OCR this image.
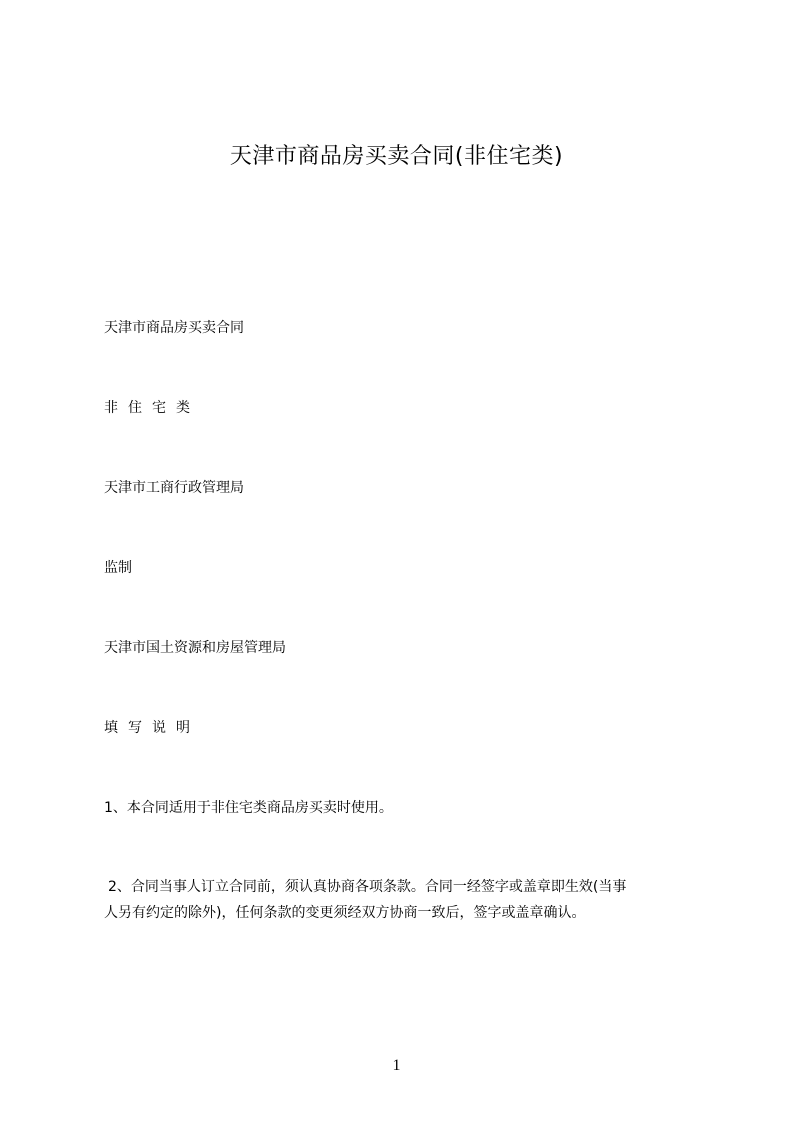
天津市商品房买卖合同(非住宅类)
天津市商品房买卖合同
非住宅类
天津市工商行政管理局
监制
天津市国土资源和房屋管理局
填写说明
1、本合同适用于非住宅类商品房买卖时使用。
2、合同当事人订立合同前，须认真协商各项条款。合同一经签字或盖章即生效(当事
人另有约定的除外)，任何条款的变更须经双方协商一致后，签字或盖章确认。
1
